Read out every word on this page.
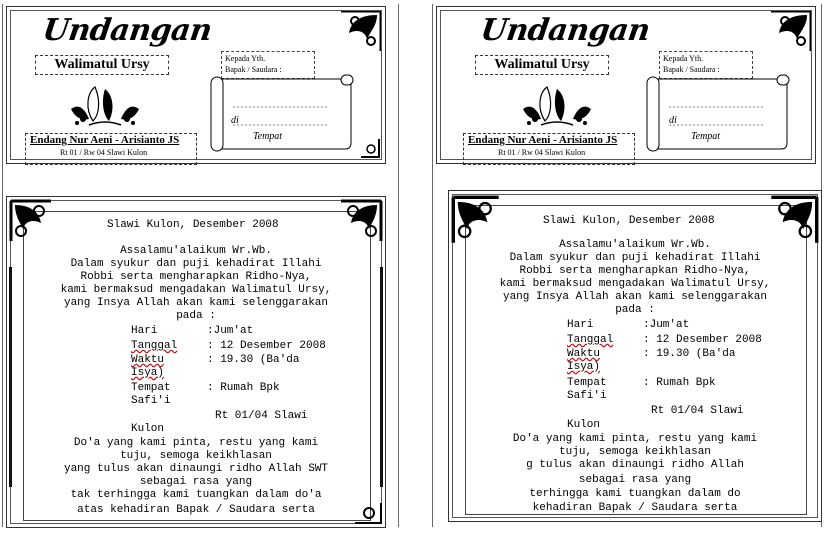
Undangan
Walimatul Ursy	Kepada Yth.
Bapak / Saudara :
di
Tempat
Endang Nur Aeni - Arisianto JS
Rt 01 / Rw 04 Slawi Kulon
Slawi Kulon, Desember 2008
Assalamu'alaikum Wr.Wb.
Dalam syukur dan puji kehadirat Illahi
Robbi serta mengharapkan Ridho-Nya,
kami bermaksud mengadakan Walimatul Ursy,
yang Insya Allah akan kami selenggarakan
pada :
Hari	:Jum'at
Tanggal	: 12 Desember 2008
Waktu	: 19.30 (Ba'da
Isya)
Tempat	: Rumah Bpk
Safi'i
Rt 01/04 Slawi
Kulon
Do'a yang kami pinta, restu yang kami
tuju, semoga keikhlasan
yang tulus akan dinaungi ridho Allah SWT
sebagai rasa yang
tak terhingga kami tuangkan dalam do'a
atas kehadiran Bapak / Saudara serta
Undangan
Walimatul Ursy	Kepada Yth.
Bapak / Saudara :
di
Tempat
Endang Nur Aeni - Arisianto JS
Rt 01 / Rw 04 Slawi Kulon
Slawi Kulon, Desember 2008
Assalamu'alaikum Wr.Wb.
Dalam syukur dan puji kehadirat Illahi
Robbi serta mengharapkan Ridho-Nya,
kami bermaksud mengadakan Walimatul Ursy,
yang Insya Allah akan kami selenggarakan
pada :
Hari	:Jum'at
Tanggal	: 12 Desember 2008
Waktu	: 19.30 (Ba'da
Isya)
Tempat	: Rumah Bpk
Safi'i
Rt 01/04 Slawi
Kulon
Do'a yang kami pinta, restu yang kami
tuju, semoga keikhlasan
g tulus akan dinaungi ridho Allah
sebagai rasa yang
terhingga kami tuangkan dalam do
kehadiran Bapak / Saudara serta
